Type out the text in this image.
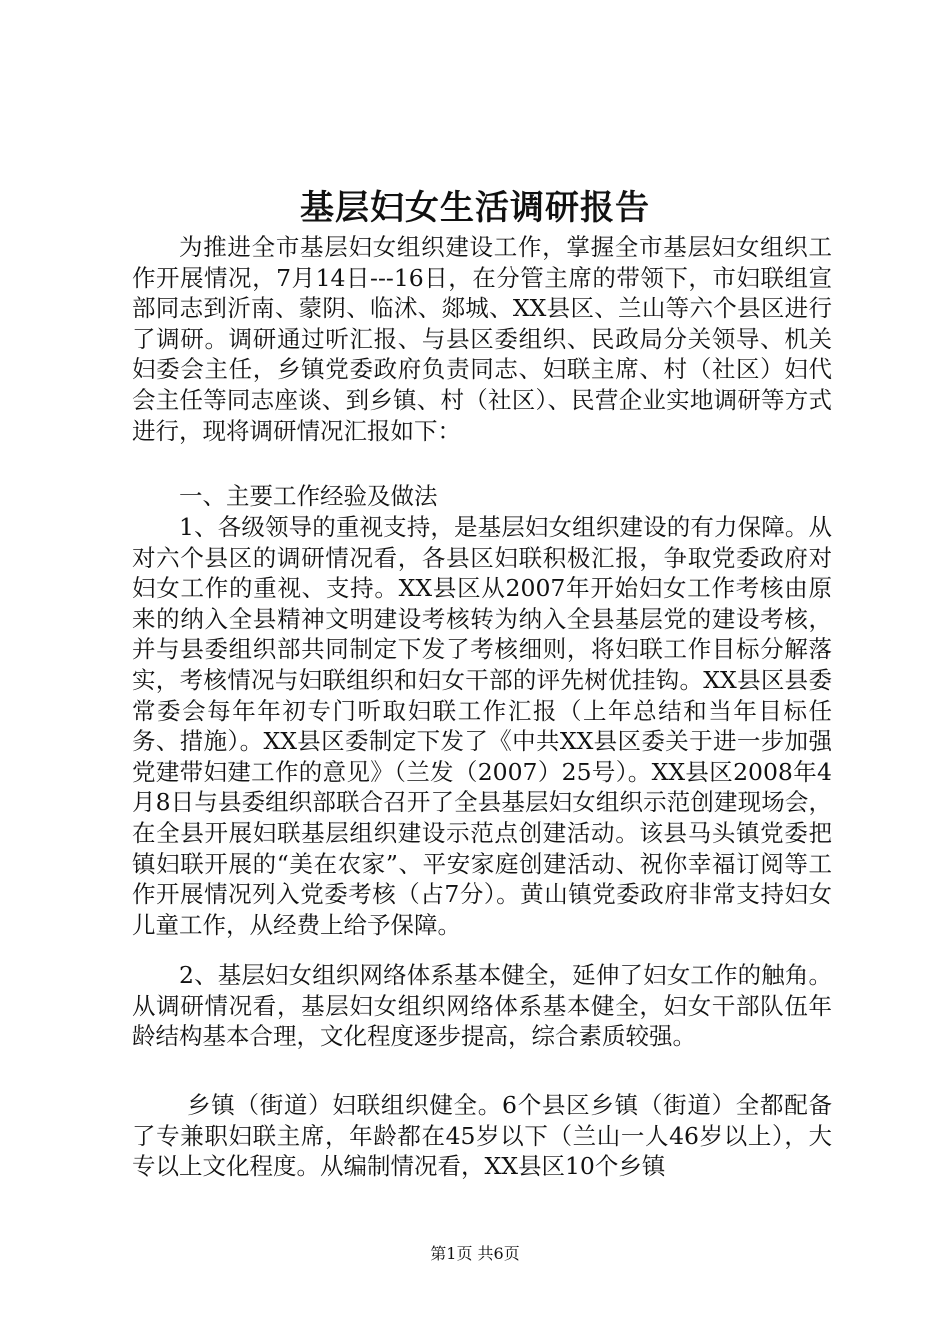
基层妇女生活调研报告

为推进全市基层妇女组织建设工作，掌握全市基层妇女组织工作开展情况，7月14日---16日，在分管主席的带领下，市妇联组宣部同志到沂南、蒙阴、临沭、郯城、XX县区、兰山等六个县区进行了调研。调研通过听汇报、与县区委组织、民政局分关领导、机关妇委会主任，乡镇党委政府负责同志、妇联主席、村（社区）妇代会主任等同志座谈、到乡镇、村（社区）、民营企业实地调研等方式进行，现将调研情况汇报如下：

一、主要工作经验及做法

1、各级领导的重视支持，是基层妇女组织建设的有力保障。从对六个县区的调研情况看，各县区妇联积极汇报，争取党委政府对妇女工作的重视、支持。XX县区从2007年开始妇女工作考核由原来的纳入全县精神文明建设考核转为纳入全县基层党的建设考核，并与县委组织部共同制定下发了考核细则，将妇联工作目标分解落实，考核情况与妇联组织和妇女干部的评先树优挂钩。XX县区县委常委会每年年初专门听取妇联工作汇报（上年总结和当年目标任务、措施）。XX县区委制定下发了《中共XX县区委关于进一步加强党建带妇建工作的意见》（兰发（2007）25号）。XX县区2008年4月8日与县委组织部联合召开了全县基层妇女组织示范创建现场会，在全县开展妇联基层组织建设示范点创建活动。该县马头镇党委把镇妇联开展的“美在农家”、平安家庭创建活动、祝你幸福订阅等工作开展情况列入党委考核（占7分）。黄山镇党委政府非常支持妇女儿童工作，从经费上给予保障。

2、基层妇女组织网络体系基本健全，延伸了妇女工作的触角。从调研情况看，基层妇女组织网络体系基本健全，妇女干部队伍年龄结构基本合理，文化程度逐步提高，综合素质较强。

乡镇（街道）妇联组织健全。6个县区乡镇（街道）全都配备了专兼职妇联主席，年龄都在45岁以下（兰山一人46岁以上），大专以上文化程度。从编制情况看，XX县区10个乡镇

第1页 共6页
